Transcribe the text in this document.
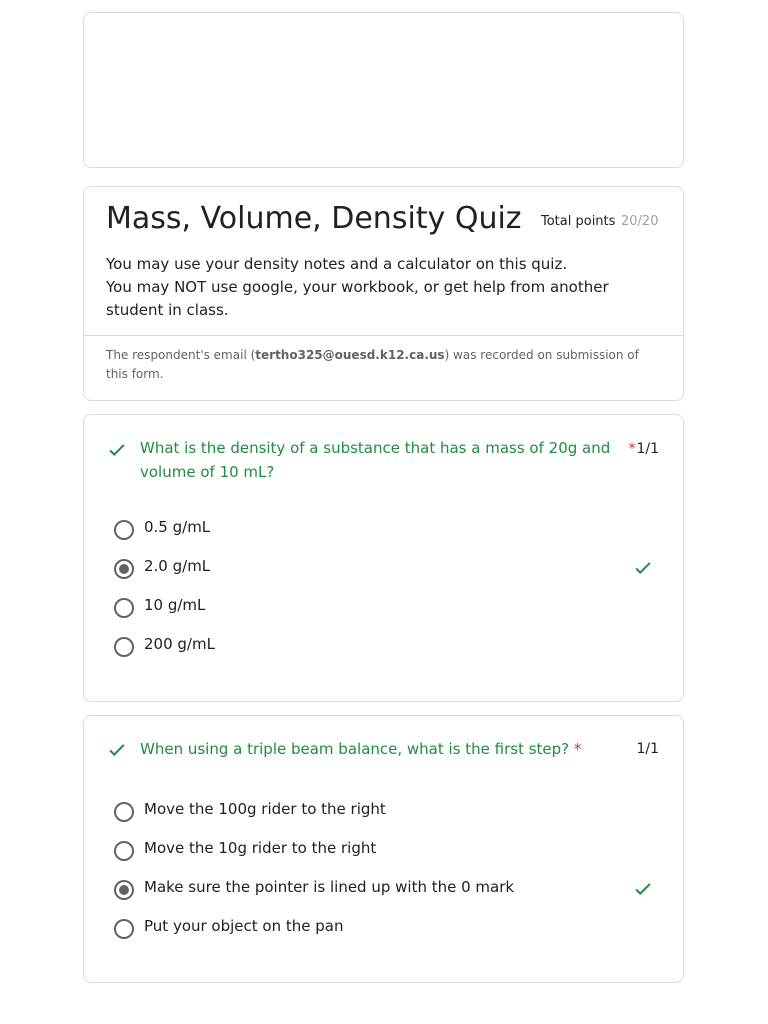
Mass, Volume, Density Quiz Total points 20/20
You may use your density notes and a calculator on this quiz.
You may NOT use google, your workbook, or get help from another student in class.
The respondent's email (tertho325@ouesd.k12.ca.us) was recorded on submission of this form.
What is the density of a substance that has a mass of 20g and volume of 10 mL?
*1/1
0.5 g/mL
2.0 g/mL
10 g/mL
200 g/mL
When using a triple beam balance, what is the first step? *	1/1
Move the 100g rider to the right
Move the 10g rider to the right
Make sure the pointer is lined up with the 0 mark
Put your object on the pan
